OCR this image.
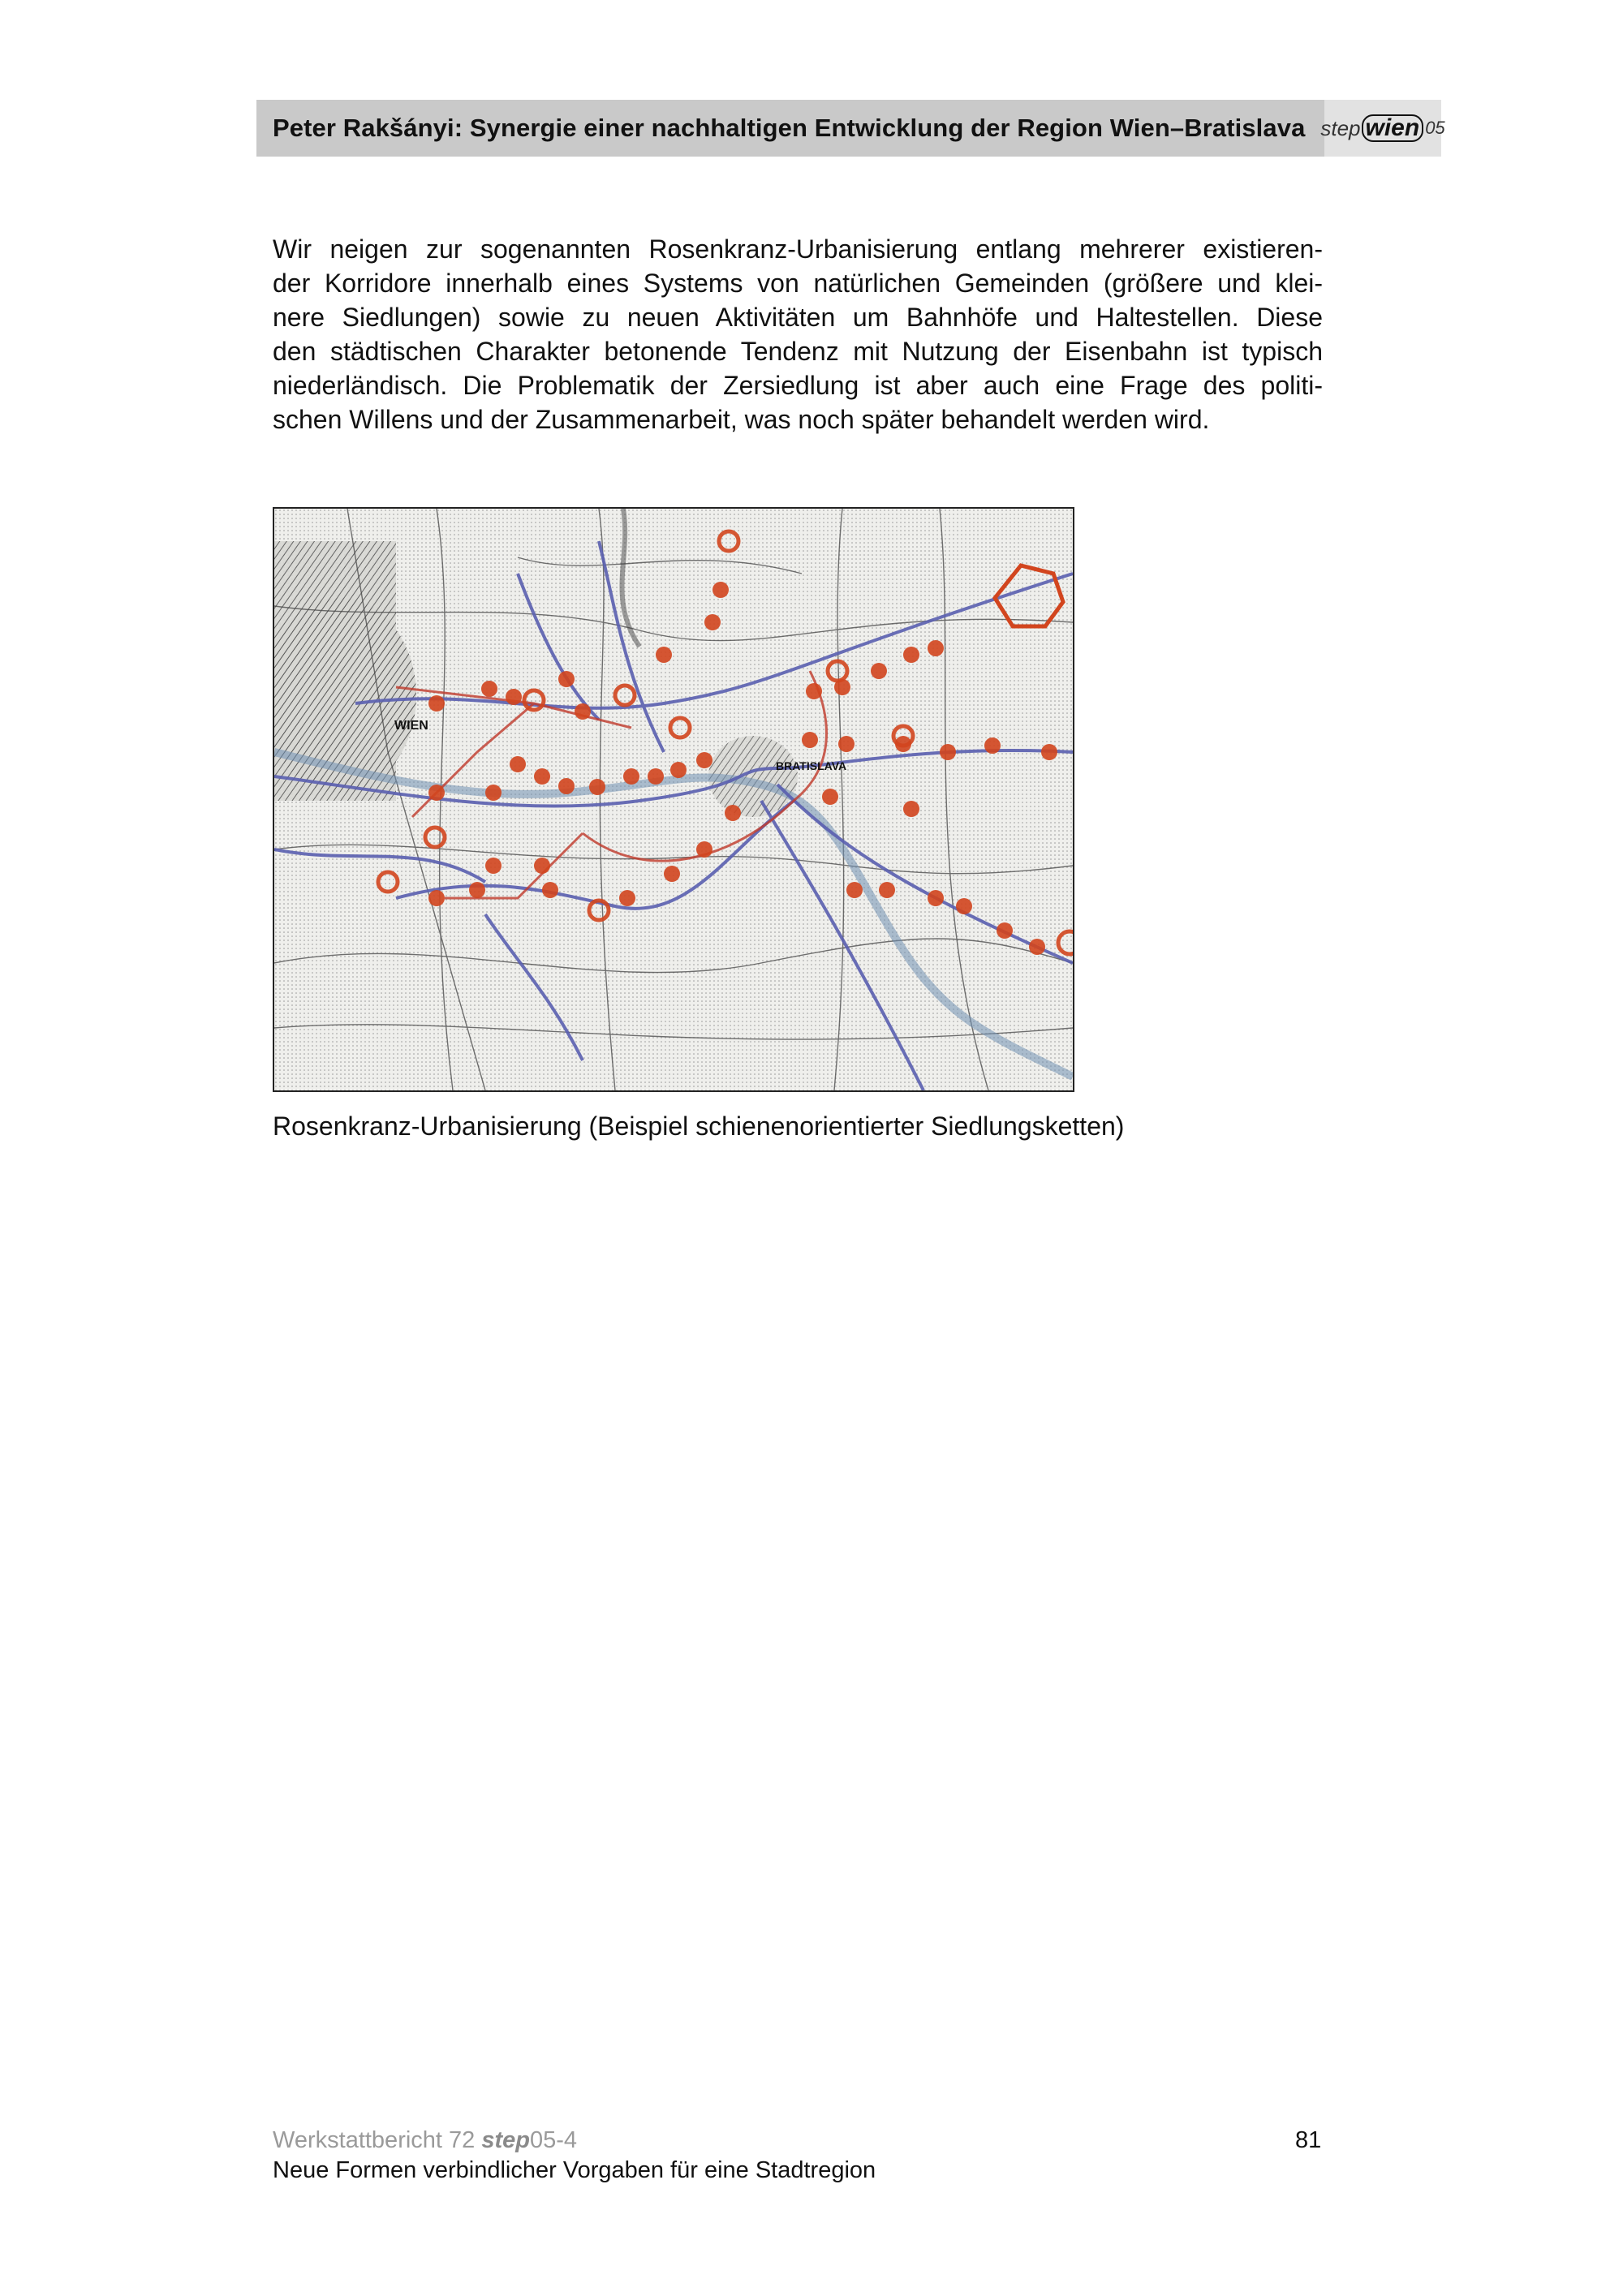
Peter Rakšányi: Synergie einer nachhaltigen Entwicklung der Region Wien–Bratislava step wien 05

Wir neigen zur sogenannten Rosenkranz-Urbanisierung entlang mehrerer existieren-
der Korridore innerhalb eines Systems von natürlichen Gemeinden (größere und klei-
nere Siedlungen) sowie zu neuen Aktivitäten um Bahnhöfe und Haltestellen. Diese
den städtischen Charakter betonende Tendenz mit Nutzung der Eisenbahn ist typisch
niederländisch. Die Problematik der Zersiedlung ist aber auch eine Frage des politi-
schen Willens und der Zusammenarbeit, was noch später behandelt werden wird.

WIEN
BRATISLAVA
Rosenkranz-Urbanisierung (Beispiel schienenorientierter Siedlungsketten)
Werkstattbericht 72 step05-4
Neue Formen verbindlicher Vorgaben für eine Stadtregion
81
